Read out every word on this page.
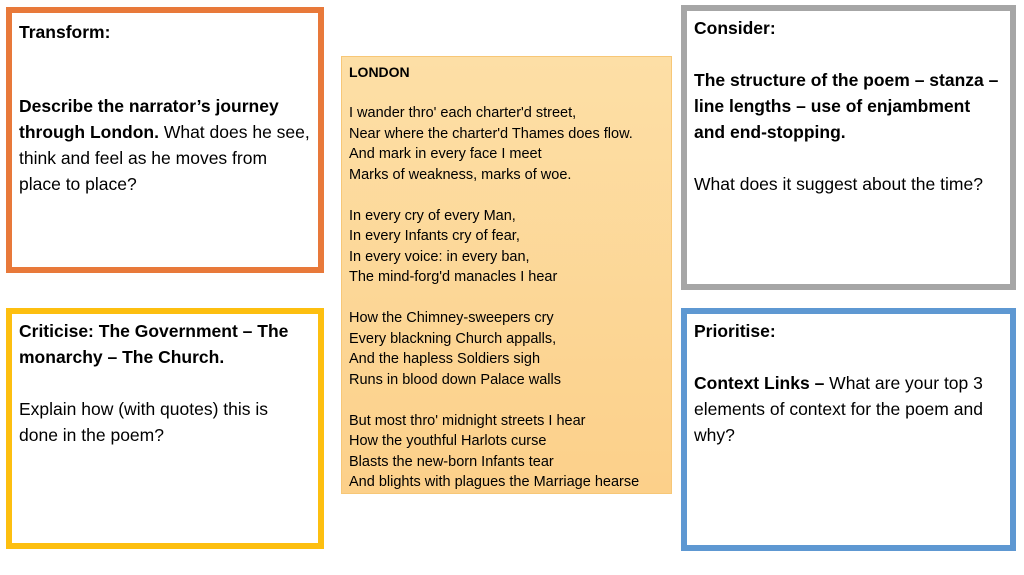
Transform:

Describe the narrator’s journey through London. What does he see, think and feel as he moves from place to place?

LONDON
I wander thro' each charter'd street,
Near where the charter'd Thames does flow.
And mark in every face I meet
Marks of weakness, marks of woe.
In every cry of every Man,
In every Infants cry of fear,
In every voice: in every ban,
The mind-forg'd manacles I hear
How the Chimney-sweepers cry
Every blackning Church appalls,
And the hapless Soldiers sigh
Runs in blood down Palace walls
But most thro' midnight streets I hear
How the youthful Harlots curse
Blasts the new-born Infants tear
And blights with plagues the Marriage hearse

Consider:

The structure of the poem – stanza – line lengths – use of enjambment and end-stopping.

What does it suggest about the time?

Criticise: The Government – The monarchy – The Church.

Explain how (with quotes) this is done in the poem?

Prioritise:

Context Links – What are your top 3 elements of context for the poem and why?
